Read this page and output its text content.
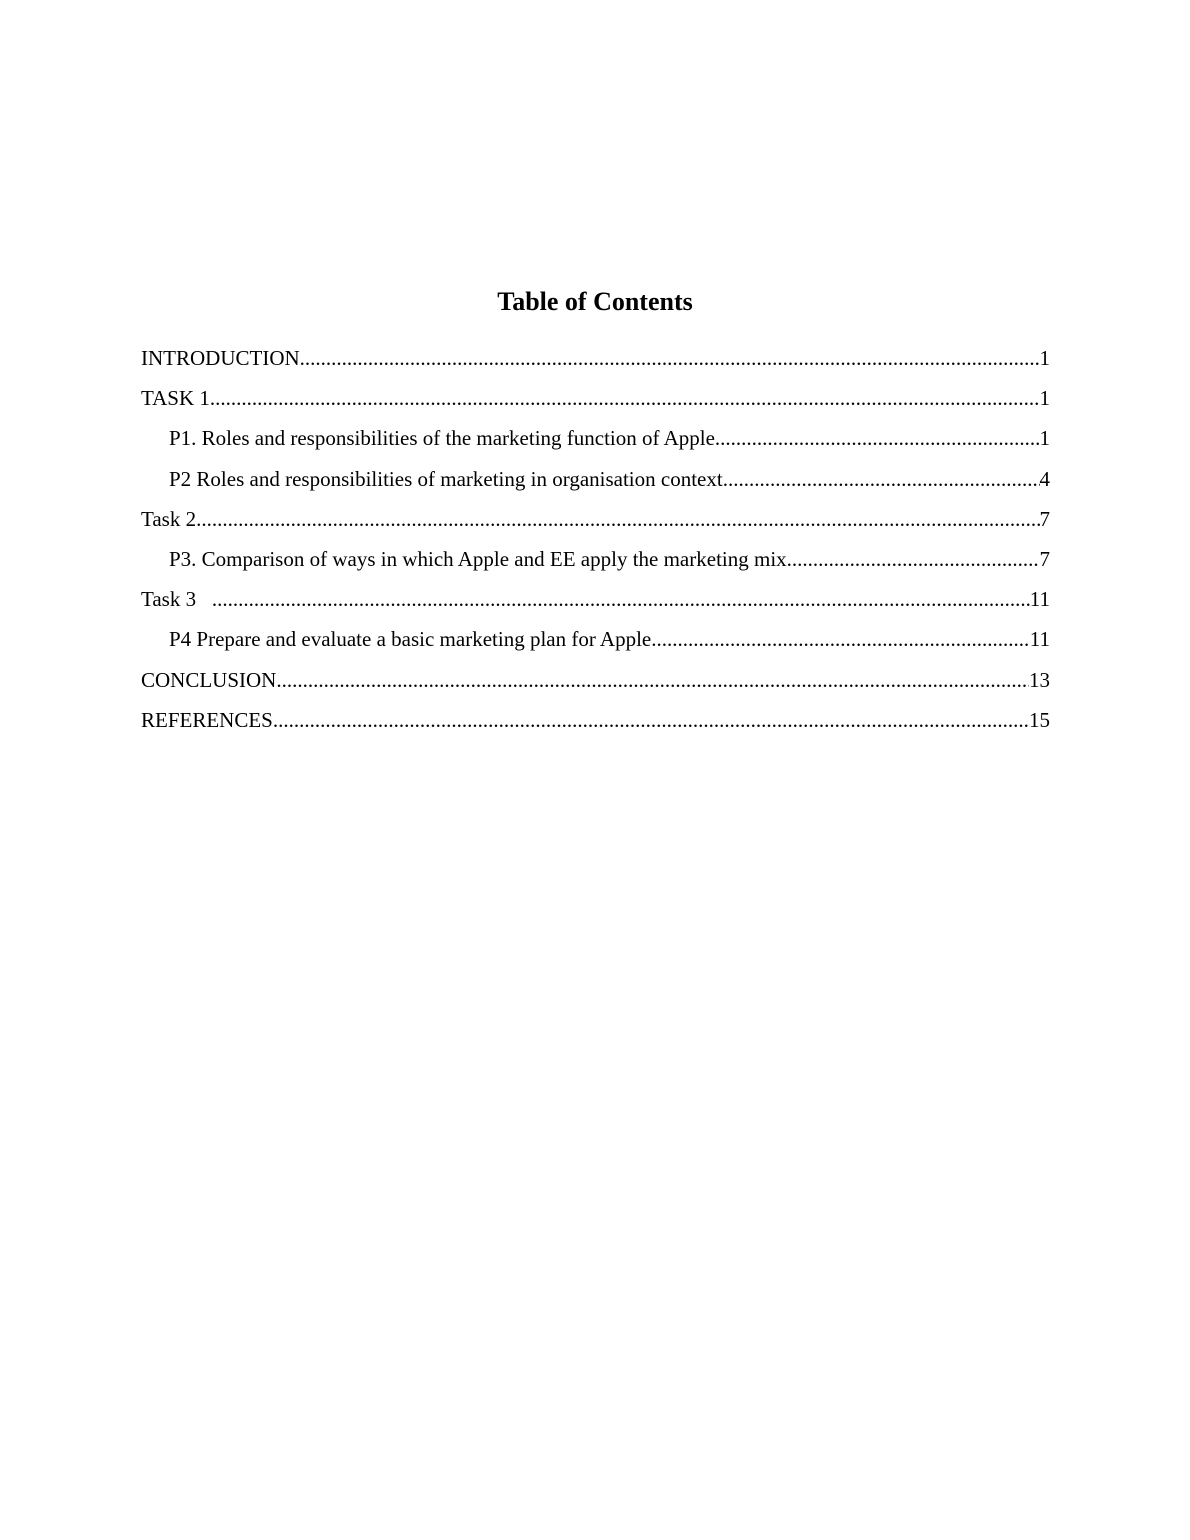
Table of Contents
INTRODUCTION .....	1
TASK 1 .....	1
P1. Roles and responsibilities of the marketing function of Apple .....	1
P2 Roles and responsibilities of marketing in organisation context .....	4
Task 2 .....	7
P3. Comparison of ways in which Apple and EE apply the marketing mix .....	7
Task 3 .....	11
P4 Prepare and evaluate a basic marketing plan for Apple .....	11
CONCLUSION .....	13
REFERENCES .....	15
